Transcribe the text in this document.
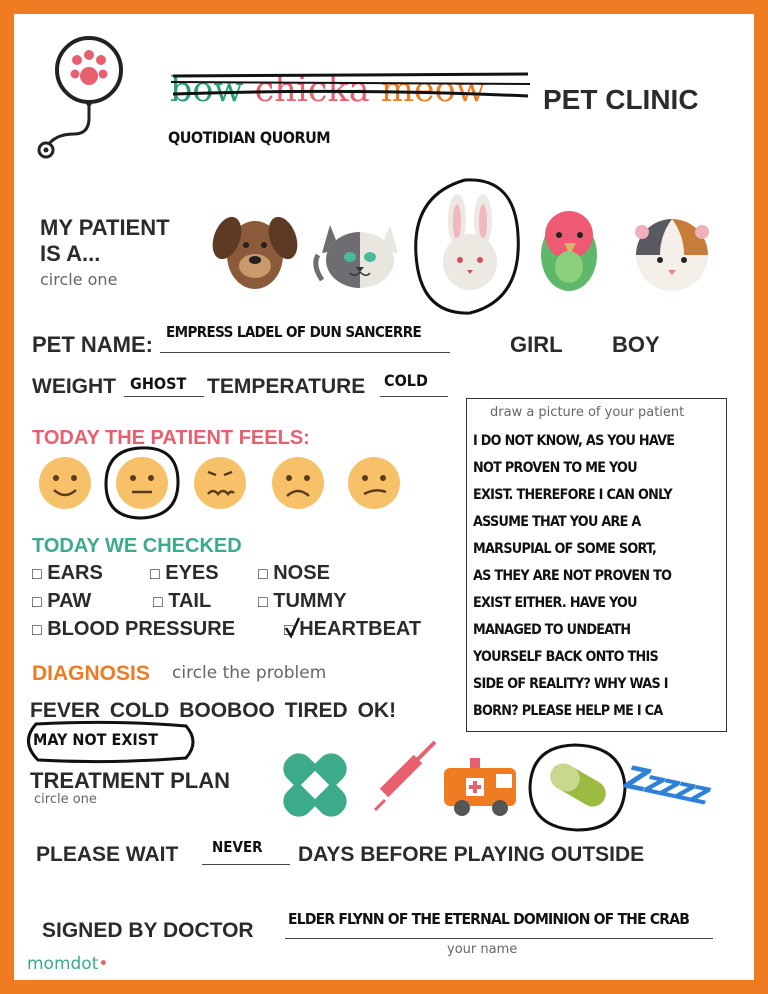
bow chicka meow PET CLINIC
QUOTIDIAN QUORUM
MY PATIENT
IS A...
circle one
PET NAME: EMPRESS LADEL OF DUN SANCERRE	GIRL BOY
WEIGHT GHOST TEMPERATURE COLD
TODAY THE PATIENT FEELS:
TODAY WE CHECKED
□ EARS	□ EYES □ NOSE
□ PAW	□ TAIL	□ TUMMY
□ BLOOD PRESSURE	□ HEARTBEAT
DIAGNOSIS circle the problem
FEVER COLD BOOBOO TIRED OK!
MAY NOT EXIST
TREATMENT PLAN
circle one	Zzzzz
draw a picture of your patient
I DO NOT KNOW, AS YOU HAVE
NOT PROVEN TO ME YOU
EXIST. THEREFORE I CAN ONLY
ASSUME THAT YOU ARE A
MARSUPIAL OF SOME SORT,
AS THEY ARE NOT PROVEN TO
EXIST EITHER. HAVE YOU
MANAGED TO UNDEATH
YOURSELF BACK ONTO THIS
SIDE OF REALITY? WHY WAS I
BORN? PLEASE HELP ME I CA
PLEASE WAIT NEVER DAYS BEFORE PLAYING OUTSIDE
SIGNED BY DOCTOR ELDER FLYNN OF THE ETERNAL DOMINION OF THE CRAB
your name
momdot•
